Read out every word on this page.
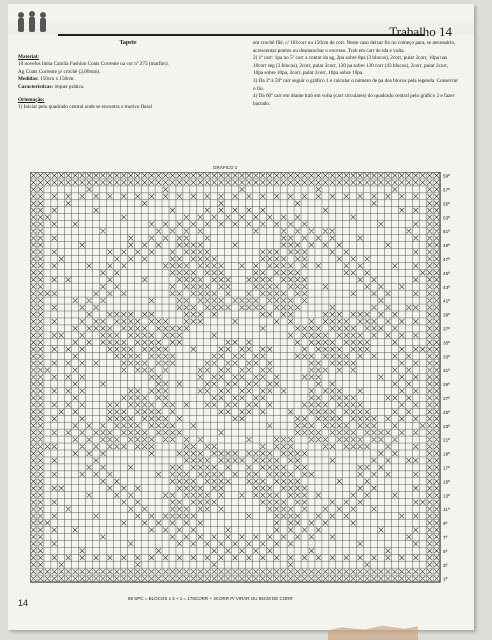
Trabalho 14
Tapete
Material:
10 novelos linha Camila Fashion Coats Corrente na cor nº 275 (marfim).
Ag Coats Corrente p/ crochê (2,00mm).
Medidas: 150cm x 150cm.
Características: requer prática.
Orientação:
1) Iniciar pelo quadrado central onde se encontra o motivo floral
em crochê filé, c/ 181corr ou 150cm de corr. Neste caso deixar fio no começo para, se necessário, acrescentar pontos ou desmanchar o excesso. Trab em carr de ida e volta.
2) 1ª carr: 1pa no 5º corr a contar da ag, 2pa sobre 8pa (3 blocos), 2corr, pular 2corr, 10pa nas 10corr seg (3 blocos), 2corr, pular 2corr, 130 pa sobre 130 corr (43 blocos), 2corr, pular 2corr, 10pa sobre 10pa, 2corr, pular 2corr, 10pa sobre 10pa.
3) Da 2ª à 59ª carr seguir o gráfico 1 e calcular o número de pa dos blocos pela legenda. Conservar o fio.
4) Da 60ª carr em diante trab em volta (carr circulares) do quadrado central pelo gráfico 2 e fazer barrado.
GRÁFICO 1
59ª
57ª
55ª
53ª
51ª
49ª
47ª
45ª
43ª
41ª
39ª
37ª
35ª
33ª
31ª
29ª
27ª
25ª
23ª
21ª
19ª
17ª
15ª
13ª
11ª
9ª
7ª
5ª
3ª
1ª
59 SPC = BLOCOS x 3 + 1 = 178CORR + 3CORR P/ VIRAR OU 86CM DE CORR
14
